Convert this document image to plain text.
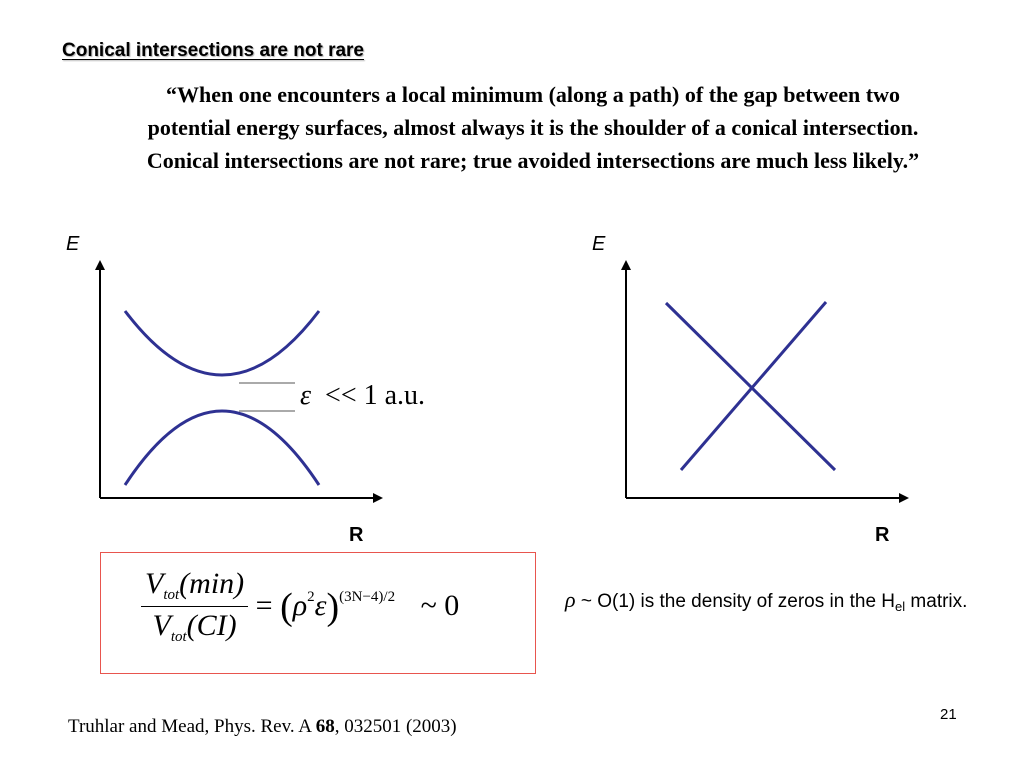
Conical intersections are not rare
“When one encounters a local minimum (along a path) of the gap between two potential energy surfaces, almost always it is the shoulder of a conical intersection. Conical intersections are not rare; true avoided intersections are much less likely.”
E
R
E
R
ε << 1 a.u.
$\frac{V_{tot}(\min)}{V_{tot}(CI)} = (\rho^2\varepsilon)^{(3N-4)/2}$ ~ 0	ρ ~ O(1) is the density of zeros in the $H_{el}$ matrix.
Truhlar and Mead, Phys. Rev. A 68, 032501 (2003)
21
